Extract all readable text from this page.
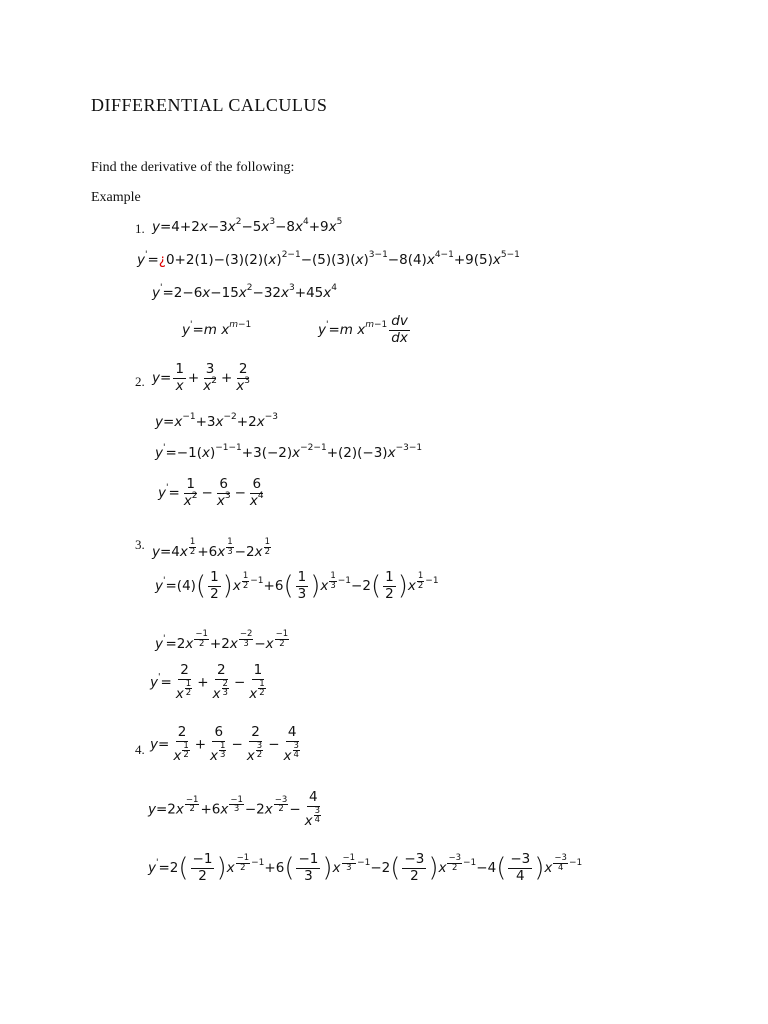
DIFFERENTIAL CALCULUS
Find the derivative of the following:
Example
1. $y=4+2x-3x^2-5x^3-8x^4+9x^5$
$y'=¿0+2(1)-(3)(2)(x)^{2-1}-(5)(3)(x)^{3-1}-8(4)x^{4-1}+9(5)x^{5-1}$
$y'=2-6x-15x^2-32x^3+45x^4$
y'=m $x^{m-1}$	y'=m $x^{m-1} \frac{dv}{dx}$
2. $y= \frac{1}{x} + \frac{3}{x^2} + \frac{2}{x^3}$
$y=x^{-1}+3x^{-2}+2x^{-3}$
$y'=-1(x)^{-1-1}+3(-2)x^{-2-1}+(2)(-3)x^{-3-1}$
$y'= \frac{1}{x^2} - \frac{6}{x^3} - \frac{6}{x^4}$
3. $y=4x \frac{1}{2} +6x \frac{1}{3} -2x \frac{1}{2}$
$y'=(4)( \frac{1}{2} )x \frac{1}{2} ^{-1}+6( \frac{1}{3} )x \frac{1}{3} ^{-1}-2( \frac{1}{2} )x \frac{1}{2} ^{-1}$
$y'=2x \frac{-1}{2} +2x \frac{-2}{3} -x \frac{-1}{2}$
$y'= \frac{2}{x \frac{1}{2}} + \frac{2}{x \frac{2}{3}} - \frac{1}{x \frac{1}{2}}$
4. $y= \frac{2}{x \frac{1}{2}} + \frac{6}{x \frac{1}{3}} - \frac{2}{x \frac{3}{2}} - \frac{4}{x \frac{3}{4}}$
$y=2x \frac{-1}{2} +6x \frac{-1}{3} -2x \frac{-3}{2} - \frac{4}{x \frac{3}{4}}$
$y'=2( \frac{-1}{2} )x \frac{-1}{2} ^{-1}+6( \frac{-1}{3} )x \frac{-1}{3} ^{-1}-2( \frac{-3}{2} )x \frac{-3}{2} ^{-1}-4( \frac{-3}{4} )x \frac{-3}{4} ^{-1}$
